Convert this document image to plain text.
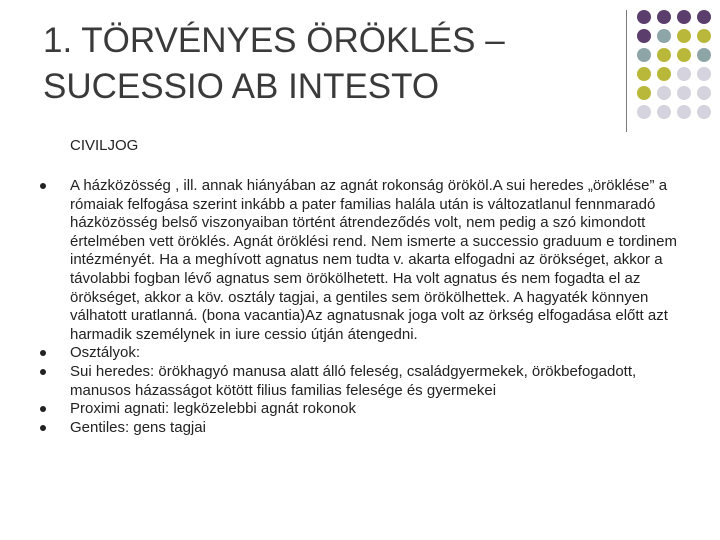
1. TÖRVÉNYES ÖRÖKLÉS –
SUCESSIO AB INTESTO
CIVILJOG
A házközösség , ill. annak hiányában az agnát rokonság örököl.A sui heredes „öröklése” a rómaiak felfogása szerint inkább a pater familias halála után is változatlanul fennmaradó házközösség belső viszonyaiban történt átrendeződés volt, nem pedig a szó kimondott értelmében vett öröklés. Agnát öröklési rend. Nem ismerte a successio graduum e tordinem intézményét. Ha a meghívott agnatus nem tudta v. akarta elfogadni az örökséget, akkor a távolabbi fogban lévő agnatus sem örökölhetett. Ha volt agnatus és nem fogadta el az örökséget, akkor a köv. osztály tagjai, a gentiles sem örökölhettek. A hagyaték könnyen válhatott uratlanná. (bona vacantia)Az agnatusnak joga volt az örkség elfogadása előtt azt harmadik személynek in iure cessio útján átengedni.
Osztályok:
Sui heredes: örökhagyó manusa alatt álló feleség, családgyermekek, örökbefogadott, manusos házasságot kötött filius familias felesége és gyermekei
Proximi agnati: legközelebbi agnát rokonok
Gentiles: gens tagjai
